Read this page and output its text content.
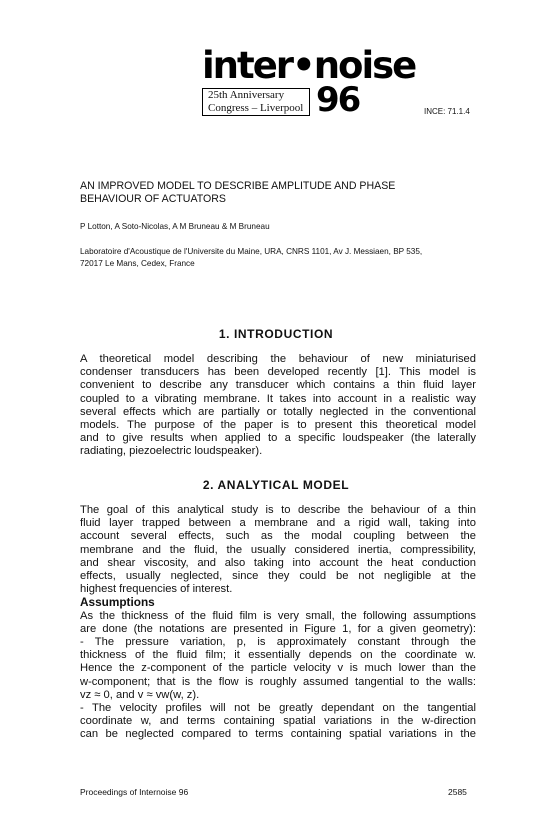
inter•noise
25th Anniversary
Congress – Liverpool 96	INCE: 71.1.4
AN IMPROVED MODEL TO DESCRIBE AMPLITUDE AND PHASE
BEHAVIOUR OF ACTUATORS
P Lotton, A Soto-Nicolas, A M Bruneau & M Bruneau
Laboratoire d'Acoustique de l'Universite du Maine, URA, CNRS 1101, Av J. Messiaen, BP 535,
72017 Le Mans, Cedex, France
1. INTRODUCTION

A theoretical model describing the behaviour of new miniaturised

condenser transducers has been developed recently [1]. This model is

convenient to describe any transducer which contains a thin fluid layer

coupled to a vibrating membrane. It takes into account in a realistic way

several effects which are partially or totally neglected in the conventional

models. The purpose of the paper is to present this theoretical model

and to give results when applied to a specific loudspeaker (the laterally

radiating, piezoelectric loudspeaker).

2. ANALYTICAL MODEL

The goal of this analytical study is to describe the behaviour of a thin

fluid layer trapped between a membrane and a rigid wall, taking into

account several effects, such as the modal coupling between the

membrane and the fluid, the usually considered inertia, compressibility,

and shear viscosity, and also taking into account the heat conduction

effects, usually neglected, since they could be not negligible at the

highest frequencies of interest.

Assumptions

As the thickness of the fluid film is very small, the following assumptions

are done (the notations are presented in Figure 1, for a given geometry):

- The pressure variation, p, is approximately constant through the

thickness of the fluid film; it essentially depends on the coordinate w.

Hence the z-component of the particle velocity v is much lower than the

w-component; that is the flow is roughly assumed tangential to the walls:

vz ≈ 0, and v ≈ vw(w, z).

- The velocity profiles will not be greatly dependant on the tangential

coordinate w, and terms containing spatial variations in the w-direction

can be neglected compared to terms containing spatial variations in the

Proceedings of Internoise 96	2585
